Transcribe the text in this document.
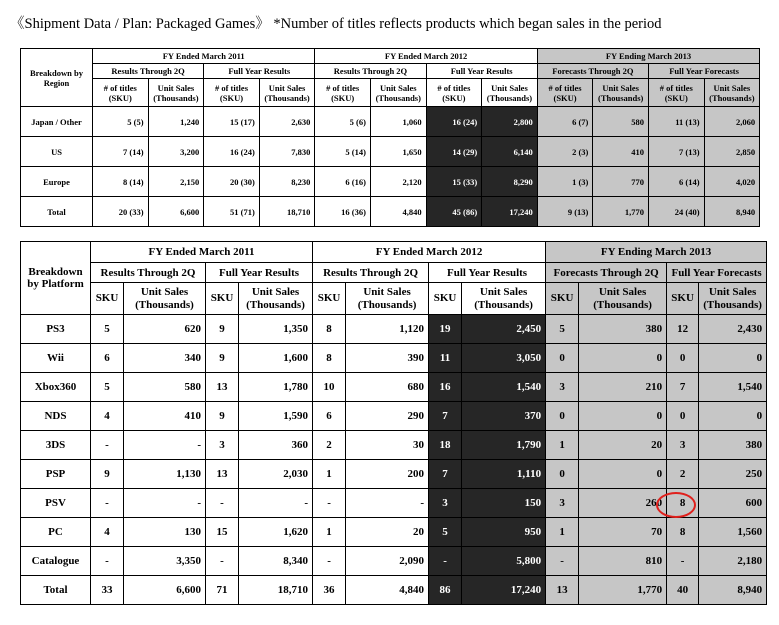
《Shipment Data / Plan: Packaged Games》 *Number of titles reflects products which began sales in the period
Breakdown by Region	FY Ended March 2011				FY Ended March 2012				FY Ending March 2013			
	Results Through 2Q		Full Year Results		Results Through 2Q		Full Year Results		Forecasts Through 2Q		Full Year Forecasts	
	# of titles (SKU)	Unit Sales (Thousands)	# of titles (SKU)	Unit Sales (Thousands)	# of titles (SKU)	Unit Sales (Thousands)	# of titles (SKU)	Unit Sales (Thousands)	# of titles (SKU)	Unit Sales (Thousands)	# of titles (SKU)	Unit Sales (Thousands)
Japan / Other	5 (5)	1,240	15 (17)	2,630	5 (6)	1,060	16 (24)	2,800	6 (7)	580	11 (13)	2,060
US	7 (14)	3,200	16 (24)	7,830	5 (14)	1,650	14 (29)	6,140	2 (3)	410	7 (13)	2,850
Europe	8 (14)	2,150	20 (30)	8,230	6 (16)	2,120	15 (33)	8,290	1 (3)	770	6 (14)	4,020
Total	20 (33)	6,600	51 (71)	18,710	16 (36)	4,840	45 (86)	17,240	9 (13)	1,770	24 (40)	8,940
Breakdown by Platform	FY Ended March 2011				FY Ended March 2012				FY Ending March 2013			
	Results Through 2Q		Full Year Results		Results Through 2Q		Full Year Results		Forecasts Through 2Q		Full Year Forecasts	
	SKU	Unit Sales (Thousands)	SKU	Unit Sales (Thousands)	SKU	Unit Sales (Thousands)	SKU	Unit Sales (Thousands)	SKU	Unit Sales (Thousands)	SKU	Unit Sales (Thousands)
PS3	5	620	9	1,350	8	1,120	19	2,450	5	380	12	2,430
Wii	6	340	9	1,600	8	390	11	3,050	0	0	0	0
Xbox360	5	580	13	1,780	10	680	16	1,540	3	210	7	1,540
NDS	4	410	9	1,590	6	290	7	370	0	0	0	0
3DS	-	-	3	360	2	30	18	1,790	1	20	3	380
PSP	9	1,130	13	2,030	1	200	7	1,110	0	0	2	250
PSV	-	-	-	-	-	-	3	150	3	260	8	600
PC	4	130	15	1,620	1	20	5	950	1	70	8	1,560
Catalogue	-	3,350	-	8,340	-	2,090	-	5,800	-	810	-	2,180
Total	33	6,600	71	18,710	36	4,840	86	17,240	13	1,770	40	8,940
